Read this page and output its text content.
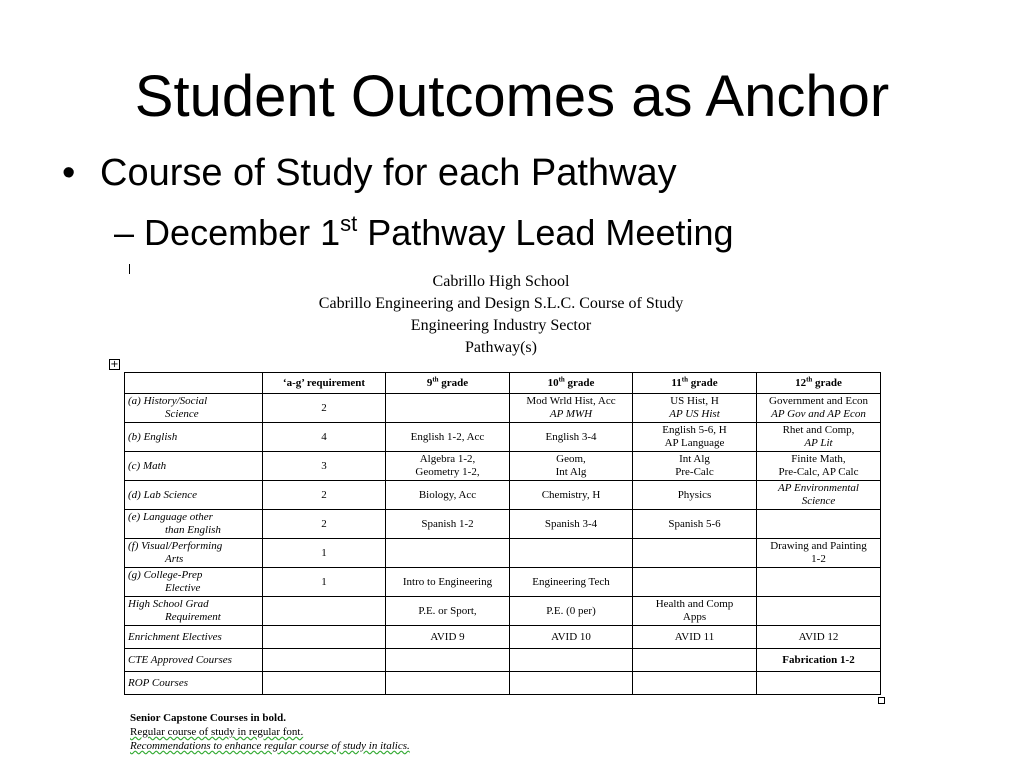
Student Outcomes as Anchor
• Course of Study for each Pathway
– December 1st Pathway Lead Meeting
Cabrillo High School
Cabrillo Engineering and Design S.L.C. Course of Study
Engineering Industry Sector
Pathway(s)
+
	‘a-g’ requirement	9th grade	10th grade	11th grade	12th grade

(a) History/Social
Science	2		Mod Wrld Hist, Acc
AP MWH	US Hist, H
AP US Hist	Government and Econ
AP Gov and AP Econ

(b) English	4	English 1-2, Acc	English 3-4	English 5-6, H
AP Language	Rhet and Comp,
AP Lit

(c) Math	3	Algebra 1-2,
Geometry 1-2,	Geom,
Int Alg	Int Alg
Pre-Calc	Finite Math,
Pre-Calc, AP Calc

(d) Lab Science	2	Biology, Acc	Chemistry, H	Physics	AP Environmental
Science

(e) Language other
than English	2	Spanish 1-2	Spanish 3-4	Spanish 5-6	

(f) Visual/Performing
Arts	1				Drawing and Painting
1-2

(g) College-Prep
Elective	1	Intro to Engineering	Engineering Tech		

High School Grad
Requirement		P.E. or Sport,	P.E. (0 per)	Health and Comp
Apps	

Enrichment Electives		AVID 9	AVID 10	AVID 11	AVID 12

CTE Approved Courses					Fabrication 1-2

ROP Courses					

Senior Capstone Courses in bold.
Regular course of study in regular font.
Recommendations to enhance regular course of study in italics.
